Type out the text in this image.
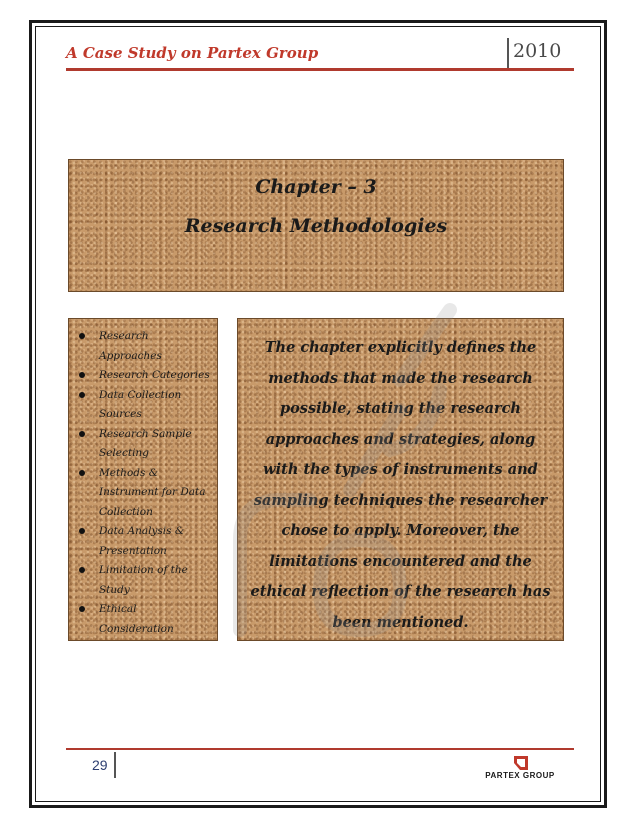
A Case Study on Partex Group	2010
Chapter – 3
Research Methodologies
Research Approaches
Research Categories
Data Collection Sources
Research Sample Selecting
Methods & Instrument for Data Collection
Data Analysis & Presentation
Limitation of the Study
Ethical Consideration

The chapter explicitly defines the methods that made the research possible, stating the research approaches and strategies, along with the types of instruments and sampling techniques the researcher chose to apply. Moreover, the limitations encountered and the ethical reflection of the research has been mentioned.

29
PARTEX GROUP
